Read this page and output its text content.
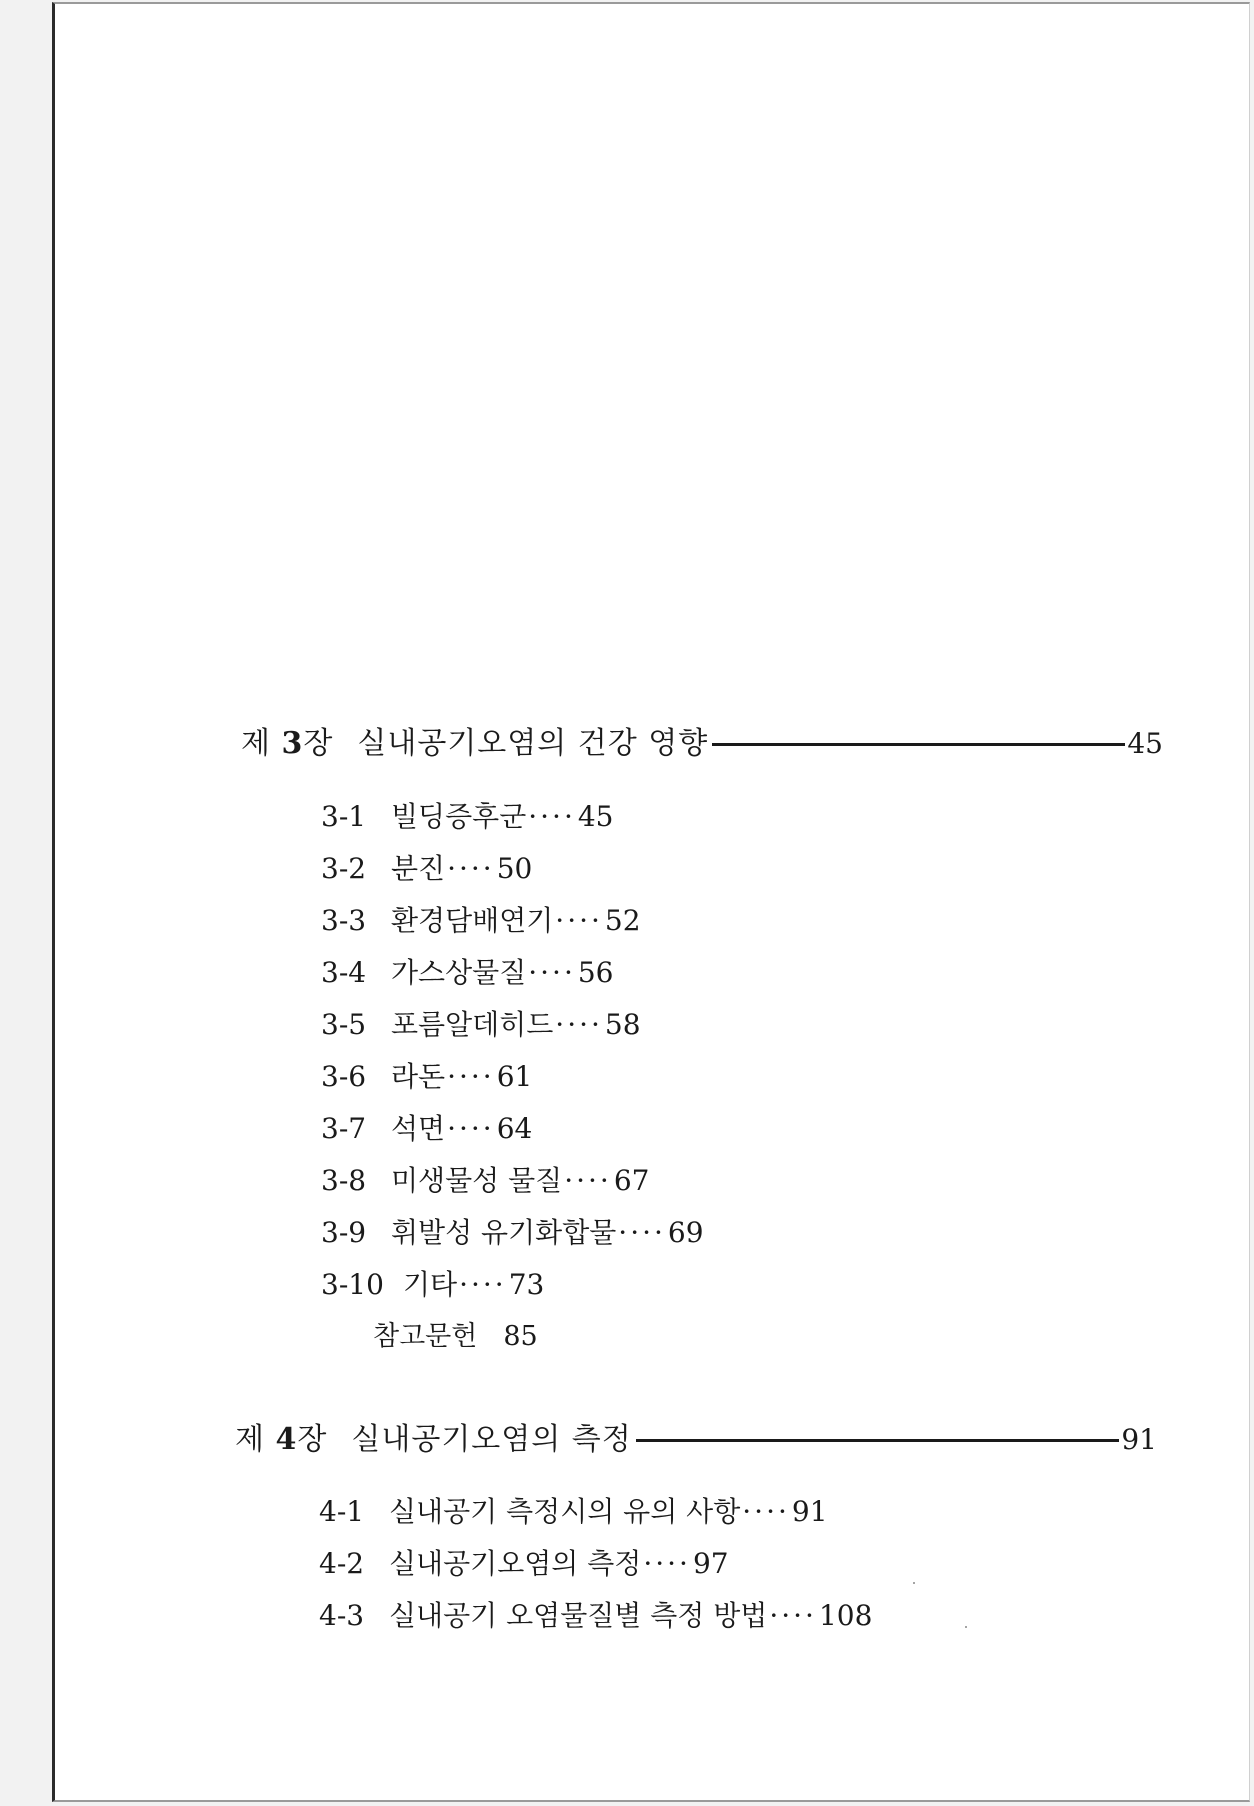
제 3장 실내공기오염의 건강 영향	45
3-1 빌딩증후군····45
3-2 분진····50
3-3 환경담배연기····52
3-4 가스상물질····56
3-5 포름알데히드····58
3-6 라돈····61
3-7 석면····64
3-8 미생물성 물질····67
3-9 휘발성 유기화합물····69
3-10 기타····73
참고문헌 85
제 4장 실내공기오염의 측정	91
4-1 실내공기 측정시의 유의 사항····91
4-2 실내공기오염의 측정····97
4-3 실내공기 오염물질별 측정 방법····108
